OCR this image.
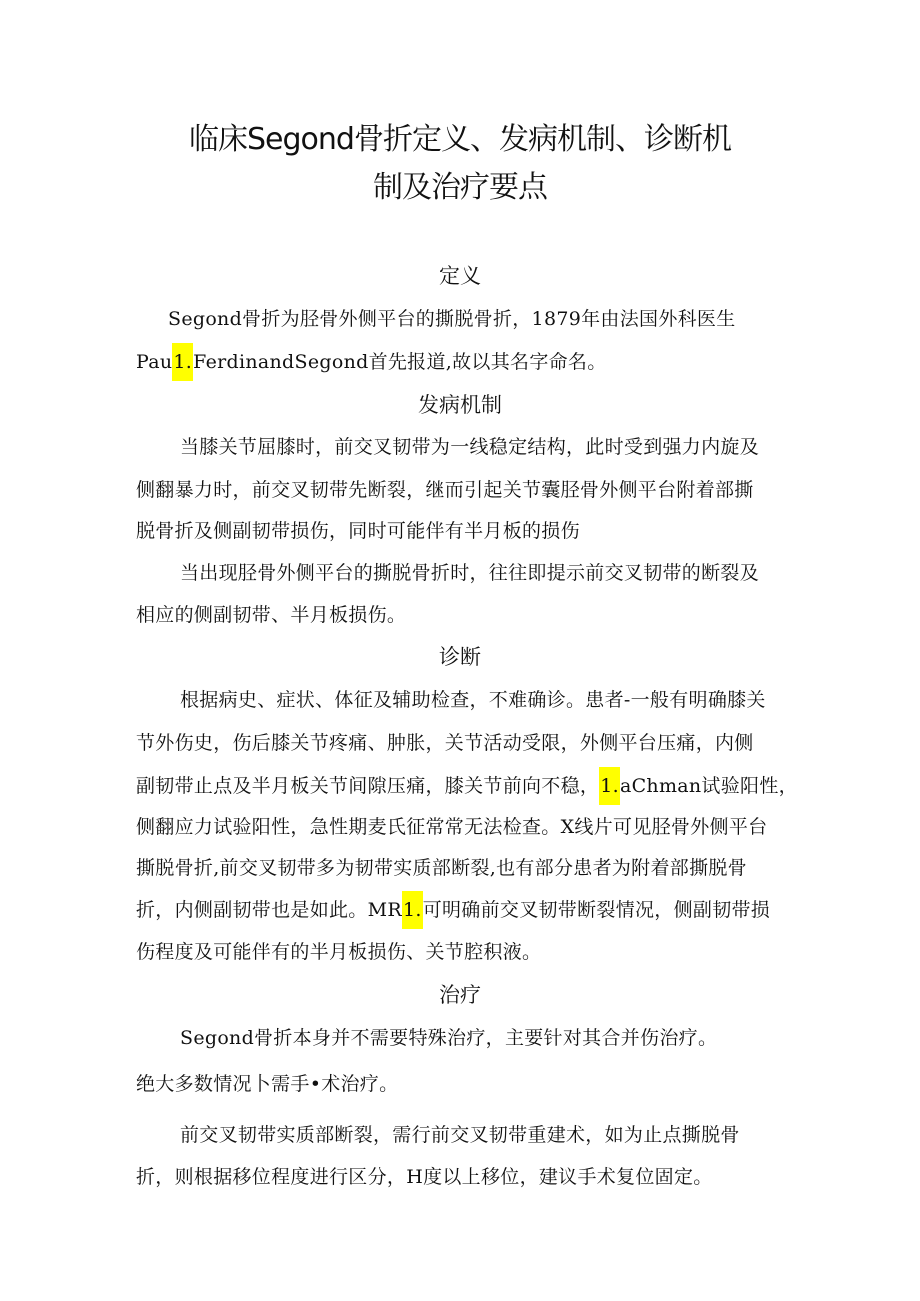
临床Segond骨折定义、发病机制、诊断机
制及治疗要点
定义
Segond骨折为胫骨外侧平台的撕脱骨折，1879年由法国外科医生
Pau1.FerdinandSegond首先报道,故以其名字命名。
发病机制
当膝关节屈膝时，前交叉韧带为一线稳定结构，此时受到强力内旋及
侧翻暴力时，前交叉韧带先断裂，继而引起关节囊胫骨外侧平台附着部撕
脱骨折及侧副韧带损伤，同时可能伴有半月板的损伤
当出现胫骨外侧平台的撕脱骨折时，往往即提示前交叉韧带的断裂及
相应的侧副韧带、半月板损伤。
诊断
根据病史、症状、体征及辅助检查，不难确诊。患者-一般有明确膝关
节外伤史，伤后膝关节疼痛、肿胀，关节活动受限，外侧平台压痛，内侧
副韧带止点及半月板关节间隙压痛，膝关节前向不稳，1.aChman试验阳性，
侧翻应力试验阳性，急性期麦氏征常常无法检查。X线片可见胫骨外侧平台
撕脱骨折,前交叉韧带多为韧带实质部断裂,也有部分患者为附着部撕脱骨
折，内侧副韧带也是如此。MR1.可明确前交叉韧带断裂情况，侧副韧带损
伤程度及可能伴有的半月板损伤、关节腔积液。
治疗
Segond骨折本身并不需要特殊治疗，主要针对其合并伤治疗。
绝大多数情况卜需手•术治疗。
前交叉韧带实质部断裂，需行前交叉韧带重建术，如为止点撕脱骨
折，则根据移位程度进行区分，H度以上移位，建议手术复位固定。
